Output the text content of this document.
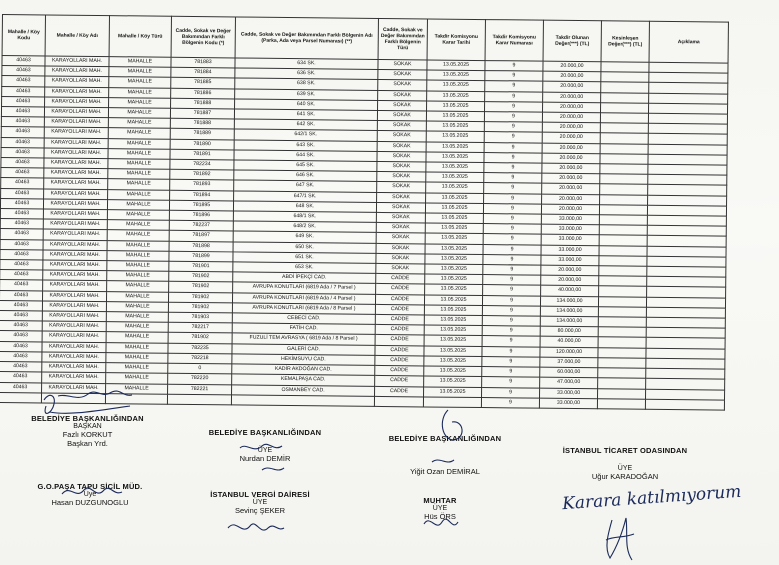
Mahalle / Köy Kodu	Mahalle / Köy Adı	Mahalle / Köy Türü	Cadde, Sokak ve Değer Bakımından Farklı Bölgenin Kodu (*)	Cadde, Sokak ve Değer Bakımından Farklı Bölgenin Adı (Parka, Ada veya Parsel Numarası) (**)	Cadde, Sokak ve Değer Bakımından Farklı Bölgenin Türü	Takdir Komisyonu Karar Tarihi	Takdir Komisyonu Karar Numarası	Takdir Olunan Değer(***) (TL)	Kesinleşen Değer(***) (TL)	Açıklama
40463	KARAYOLLARI MAH.	MAHALLE	781883	634 SK.	SOKAK	13.05.2025	9	20.000,00		
40463	KARAYOLLARI MAH.	MAHALLE	781884	636 SK.	SOKAK	13.05.2025	9	20.000,00		
40463	KARAYOLLARI MAH.	MAHALLE	781885	638 SK.	SOKAK	13.05.2025	9	20.000,00		
40463	KARAYOLLARI MAH.	MAHALLE	781886	639 SK.	SOKAK	13.05.2025	9	20.000,00		
40463	KARAYOLLARI MAH.	MAHALLE	781888	640 SK.	SOKAK	13.05.2025	9	20.000,00		
40463	KARAYOLLARI MAH.	MAHALLE	781887	641 SK.	SOKAK	13.05.2025	9	20.000,00		
40463	KARAYOLLARI MAH.	MAHALLE	781888	642 SK.	SOKAK	13.05.2025	9	20.000,00		
40463	KARAYOLLARI MAH.	MAHALLE	781889	642/1 SK.	SOKAK	13.05.2025	9	20.000,00		
40463	KARAYOLLARI MAH.	MAHALLE	781890	643 SK.	SOKAK	13.05.2025	9	20.000,00		
40463	KARAYOLLARI MAH.	MAHALLE	781891	644 SK.	SOKAK	13.05.2025	9	20.000,00		
40463	KARAYOLLARI MAH.	MAHALLE	782234	645 SK.	SOKAK	13.05.2025	9	20.000,00		
40463	KARAYOLLARI MAH.	MAHALLE	781892	646 SK.	SOKAK	13.05.2025	9	20.000,00		
40463	KARAYOLLARI MAH.	MAHALLE	781893	647 SK.	SOKAK	13.05.2025	9	20.000,00		
40463	KARAYOLLARI MAH.	MAHALLE	781894	647/1 SK.	SOKAK	13.05.2025	9	20.000,00		
40463	KARAYOLLARI MAH.	MAHALLE	781895	648 SK.	SOKAK	13.05.2025	9	20.000,00		
40463	KARAYOLLARI MAH.	MAHALLE	781896	648/1 SK.	SOKAK	13.05.2025	9	33.000,00		
40463	KARAYOLLARI MAH.	MAHALLE	782237	648/2 SK.	SOKAK	13.05.2025	9	33.000,00		
40463	KARAYOLLARI MAH.	MAHALLE	781897	649 SK.	SOKAK	13.05.2025	9	33.000,00		
40463	KARAYOLLARI MAH.	MAHALLE	781898	650 SK.	SOKAK	13.05.2025	9	33.000,00		
40463	KARAYOLLARI MAH.	MAHALLE	781899	651 SK.	SOKAK	13.05.2025	9	33.000,00		
40463	KARAYOLLARI MAH.	MAHALLE	781901	653 SK.	SOKAK	13.05.2025	9	20.000,00		
40463	KARAYOLLARI MAH.	MAHALLE	781902	ABDİ İPEKÇİ CAD.	CADDE	13.05.2025	9	20.000,00		
40463	KARAYOLLARI MAH.	MAHALLE	781902	AVRUPA KONUTLARI (6819 Ada / 7 Parsel )	CADDE	13.05.2025	9	40.000,00		
40463	KARAYOLLARI MAH.	MAHALLE	781902	AVRUPA KONUTLARI (6819 Ada / 4 Parsel )	CADDE	13.05.2025	9	134.000,00		
40463	KARAYOLLARI MAH.	MAHALLE	781902	AVRUPA KONUTLARI (6819 Ada / 8 Parsel )	CADDE	13.05.2025	9	134.000,00		
40463	KARAYOLLARI MAH.	MAHALLE	781903	CEBECİ CAD.	CADDE	13.05.2025	9	134.000,00		
40463	KARAYOLLARI MAH.	MAHALLE	782217	FATİH CAD.	CADDE	13.05.2025	9	80.000,00		
40463	KARAYOLLARI MAH.	MAHALLE	781902	FUZULİ TEM AVRASYA ( 6819 Ada / 8 Parsel )	CADDE	13.05.2025	9	40.000,00		
40463	KARAYOLLARI MAH.	MAHALLE	782235	GALERİ CAD.	CADDE	13.05.2025	9	120.000,00		
40463	KARAYOLLARI MAH.	MAHALLE	782218	HEKİMSUYU CAD.	CADDE	13.05.2025	9	37.000,00		
40463	KARAYOLLARI MAH.	MAHALLE	0	KADİR AKDOĞAN CAD.	CADDE	13.05.2025	9	60.000,00		
40463	KARAYOLLARI MAH.	MAHALLE	782220	KEMALPAŞA CAD.	CADDE	13.05.2025	9	47.000,00		
40463	KARAYOLLARI MAH.	MAHALLE	782221	OSMANBEY CAD.	CADDE	13.05.2025	9	33.000,00		
							9	33.000,00		
BELEDİYE BAŞKANLIĞINDAN
BAŞKAN
Fazlı KORKUT
Başkan Yrd.
G.O.PAŞA TAPU SİCİL MÜD.
Üye
Hasan DUZGUNOGLU
BELEDİYE BAŞKANLIĞINDAN
ÜYE
Nurdan DEMİR
İSTANBUL VERGİ DAİRESİ
ÜYE
Sevinç ŞEKER
BELEDİYE BAŞKANLIĞINDAN
Yiğit Ozan DEMİRAL
MUHTAR
ÜYE
Hüs ÖRS
İSTANBUL TİCARET ODASINDAN
ÜYE
Uğur KARADOĞAN
Karara katılmıyorum
